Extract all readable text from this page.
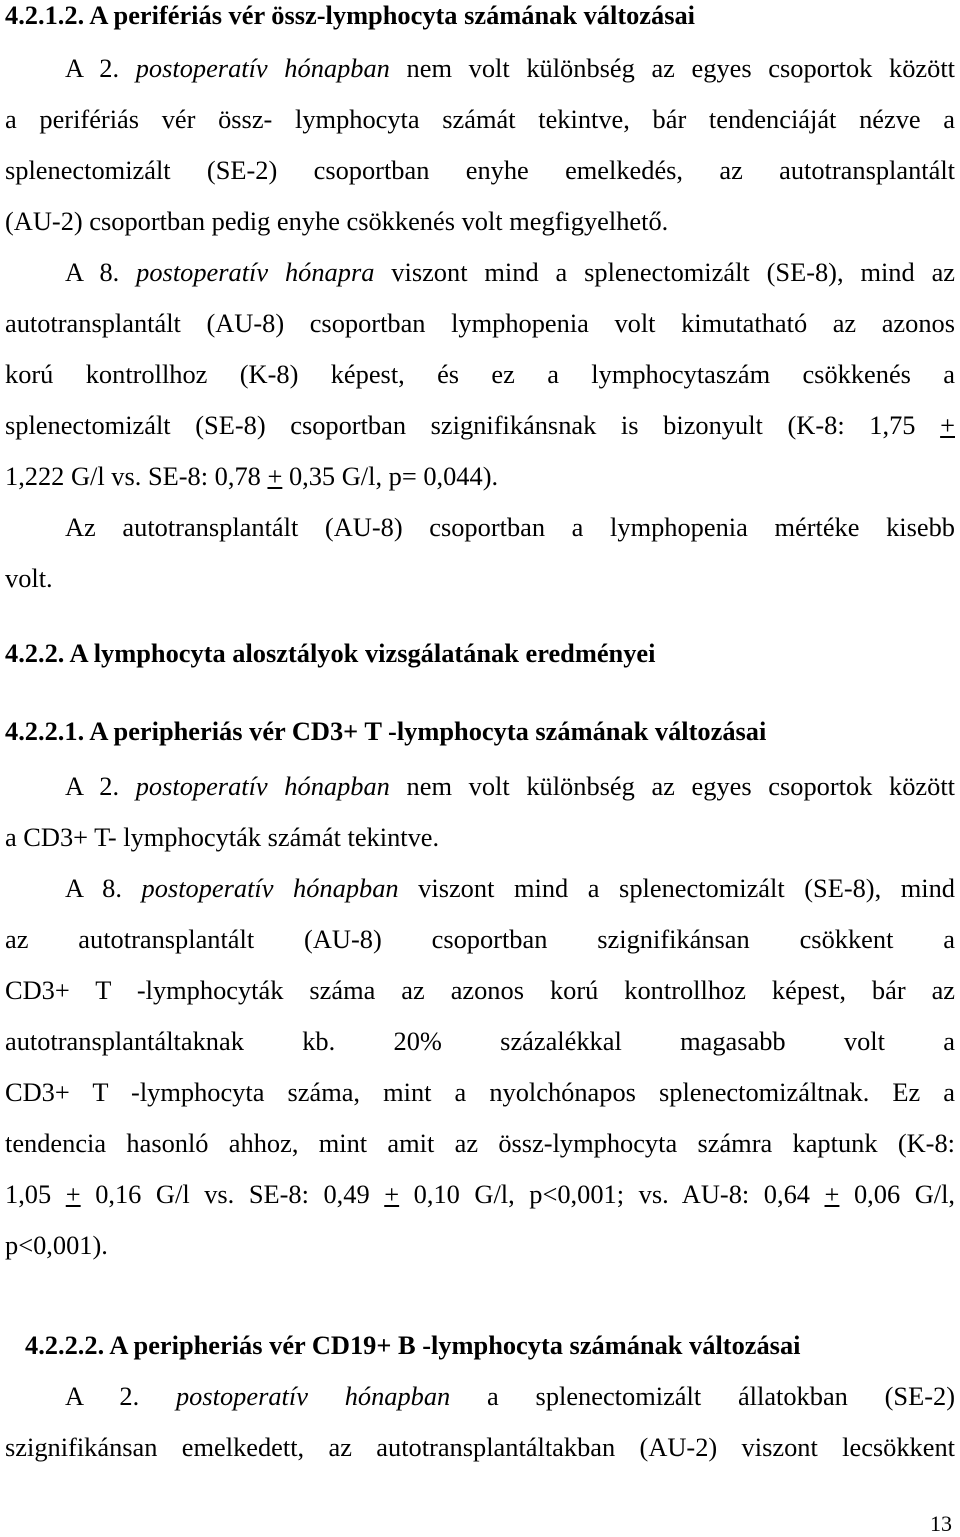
4.2.1.2. A perifériás vér össz-lymphocyta számának változásai
A 2. postoperatív hónapban nem volt különbség az egyes csoportok között
a perifériás vér össz- lymphocyta számát tekintve, bár tendenciáját nézve a
splenectomizált (SE-2) csoportban enyhe emelkedés, az autotransplantált
(AU-2) csoportban pedig enyhe csökkenés volt megfigyelhető.
A 8. postoperatív hónapra viszont mind a splenectomizált (SE-8), mind az
autotransplantált (AU-8) csoportban lymphopenia volt kimutatható az azonos
korú kontrollhoz (K-8) képest, és ez a lymphocytaszám csökkenés a
splenectomizált (SE-8) csoportban szignifikánsnak is bizonyult (K-8: 1,75 +
1,222 G/l vs. SE-8: 0,78 + 0,35 G/l, p= 0,044).
Az autotransplantált (AU-8) csoportban a lymphopenia mértéke kisebb
volt.
4.2.2. A lymphocyta alosztályok vizsgálatának eredményei
4.2.2.1. A peripheriás vér CD3+ T -lymphocyta számának változásai
A 2. postoperatív hónapban nem volt különbség az egyes csoportok között
a CD3+ T- lymphocyták számát tekintve.
A 8. postoperatív hónapban viszont mind a splenectomizált (SE-8), mind
az autotransplantált (AU-8) csoportban szignifikánsan csökkent a
CD3+ T -lymphocyták száma az azonos korú kontrollhoz képest, bár az
autotransplantáltaknak kb. 20% százalékkal magasabb volt a
CD3+ T -lymphocyta száma, mint a nyolchónapos splenectomizáltnak. Ez a
tendencia hasonló ahhoz, mint amit az össz-lymphocyta számra kaptunk (K-8:
1,05 + 0,16 G/l vs. SE-8: 0,49 + 0,10 G/l, p<0,001; vs. AU-8: 0,64 + 0,06 G/l,
p<0,001).
4.2.2.2. A peripheriás vér CD19+ B -lymphocyta számának változásai
A 2. postoperatív hónapban a splenectomizált állatokban (SE-2)
szignifikánsan emelkedett, az autotransplantáltakban (AU-2) viszont lecsökkent
13
